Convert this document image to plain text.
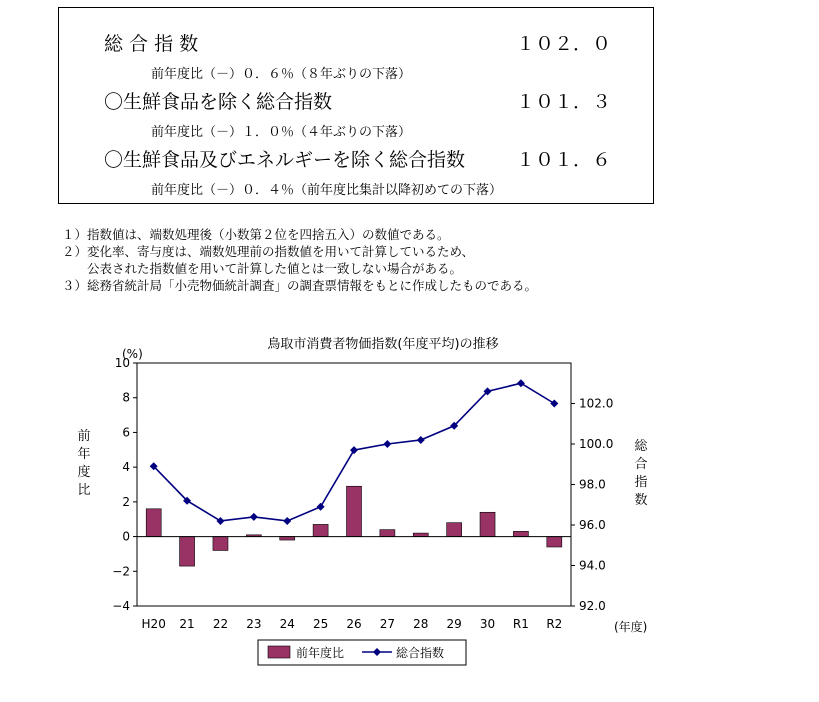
総 合 指 数	１０２．０
前年度比（－）０．６％（８年ぶりの下落）
〇生鮮食品を除く総合指数	１０１．３
前年度比（－）１．０％（４年ぶりの下落）
〇生鮮食品及びエネルギーを除く総合指数	１０１．６
前年度比（－）０．４％（前年度比集計以降初めての下落）
１）指数値は、端数処理後（小数第２位を四捨五入）の数値である。
２）変化率、寄与度は、端数処理前の指数値を用いて計算しているため、
　　公表された指数値を用いて計算した値とは一致しない場合がある。
３）総務省統計局「小売物価統計調査」の調査票情報をもとに作成したものである。
鳥取市消費者物価指数(年度平均)の推移
(%)
(年度)
10
8
6
4
2
0
−2
−4
102.0
100.0
98.0
96.0
94.0
92.0
H20 21 22 23 24 25 26 27 28 29 30 R1 R2
前
年
度
比
総
合
指
数
前年度比	総合指数
